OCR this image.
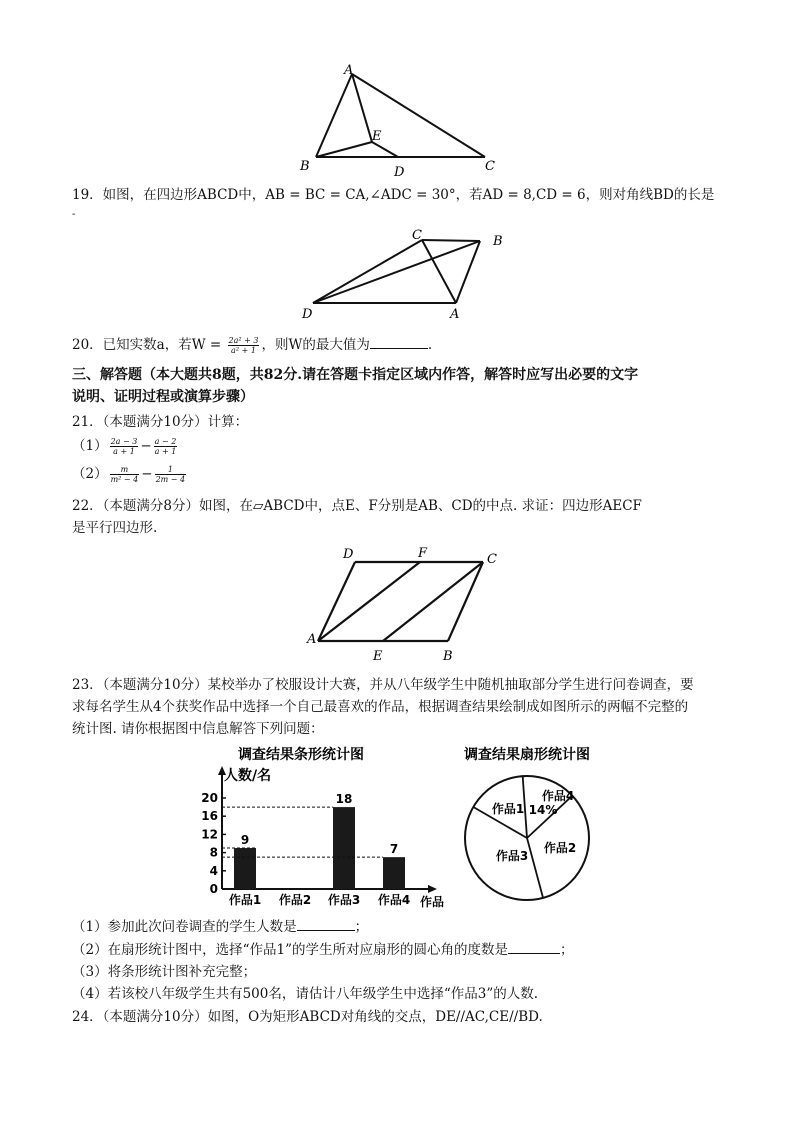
A
B	C
D
E
19．如图，在四边形ABCD中，AB = BC = CA,∠ADC = 30°，若AD = 8,CD = 6，则对角线BD的长是
-
C	B
D	A
20．已知实数a，若$W = \frac{\text{2a² + 3}}{\text{a² + 1}}$ ，则W的最大值为	.
三、解答题（本大题共8题，共82分.请在答题卡指定区域内作答，解答时应写出必要的文字
说明、证明过程或演算步骤）
21．（本题满分10分）计算：
$(1) \frac{2a - 3}{a + 1} - \frac{a - 2}{a + 1}$
$(2) \frac{m}{\text{m² − 4}} - \frac{1}{2m - 4}$
22．（本题满分8分）如图，在▱ABCD中，点E、F分别是AB、CD的中点. 求证：四边形AECF
是平行四边形.
D	F	C
A
E	B
23．（本题满分10分）某校举办了校服设计大赛，并从八年级学生中随机抽取部分学生进行问卷调查，要
求每名学生从4个获奖作品中选择一个自己最喜欢的作品，根据调查结果绘制成如图所示的两幅不完整的
统计图. 请你根据图中信息解答下列问题：
调查结果条形统计图
人数/名
作品
0
4
8
12
16
20
9
作品1 作品2
18
作品3
7
作品4
调查结果扇形统计图
作品4
14%
作品2
作品3
作品1
（1）参加此次问卷调查的学生人数是	；
（2）在扇形统计图中，选择“作品1”的学生所对应扇形的圆心角的度数是	；
（3）将条形统计图补充完整；
（4）若该校八年级学生共有500名，请估计八年级学生中选择“作品3”的人数.
24．（本题满分10分）如图，O为矩形ABCD对角线的交点，DE//AC,CE//BD.
